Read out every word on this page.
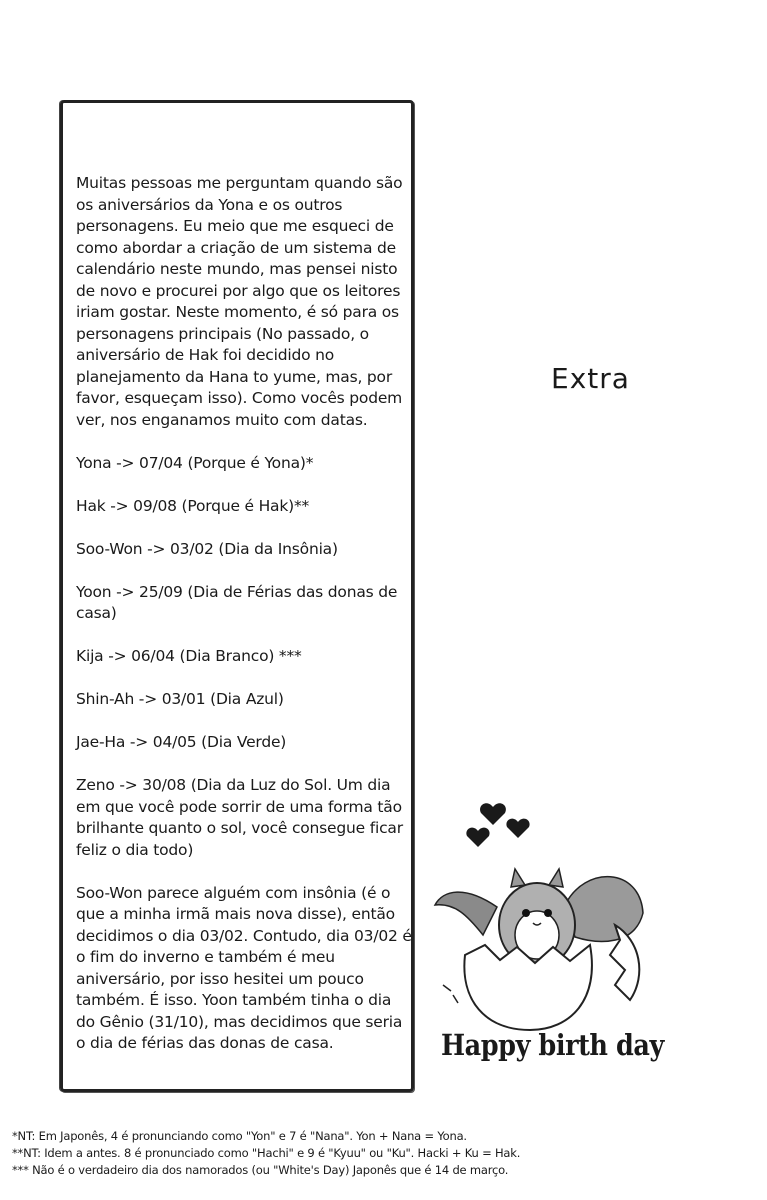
Muitas pessoas me perguntam quando são os aniversários da Yona e os outros personagens. Eu meio que me esqueci de como abordar a criação de um sistema de calendário neste mundo, mas pensei nisto de novo e procurei por algo que os leitores iriam gostar. Neste momento, é só para os personagens principais (No passado, o aniversário de Hak foi decidido no planejamento da Hana to yume, mas, por favor, esqueçam isso). Como vocês podem ver, nos enganamos muito com datas.

Yona -> 07/04 (Porque é Yona)*

Hak -> 09/08 (Porque é Hak)**

Soo-Won -> 03/02 (Dia da Insônia)

Yoon -> 25/09 (Dia de Férias das donas de casa)

Kija -> 06/04 (Dia Branco) ***

Shin-Ah -> 03/01 (Dia Azul)

Jae-Ha -> 04/05 (Dia Verde)

Zeno -> 30/08 (Dia da Luz do Sol. Um dia em que você pode sorrir de uma forma tão brilhante quanto o sol, você consegue ficar feliz o dia todo)

Soo-Won parece alguém com insônia (é o que a minha irmã mais nova disse), então decidimos o dia 03/02. Contudo, dia 03/02 é o fim do inverno e também é meu aniversário, por isso hesitei um pouco também. É isso. Yoon também tinha o dia do Gênio (31/10), mas decidimos que seria o dia de férias das donas de casa.

Extra
Happy birth day
*NT: Em Japonês, 4 é pronunciando como "Yon" e 7 é "Nana". Yon + Nana = Yona.
**NT: Idem a antes. 8 é pronunciado como "Hachi" e 9 é "Kyuu" ou "Ku". Hacki + Ku = Hak.
*** Não é o verdadeiro dia dos namorados (ou "White's Day) Japonês que é 14 de março.
